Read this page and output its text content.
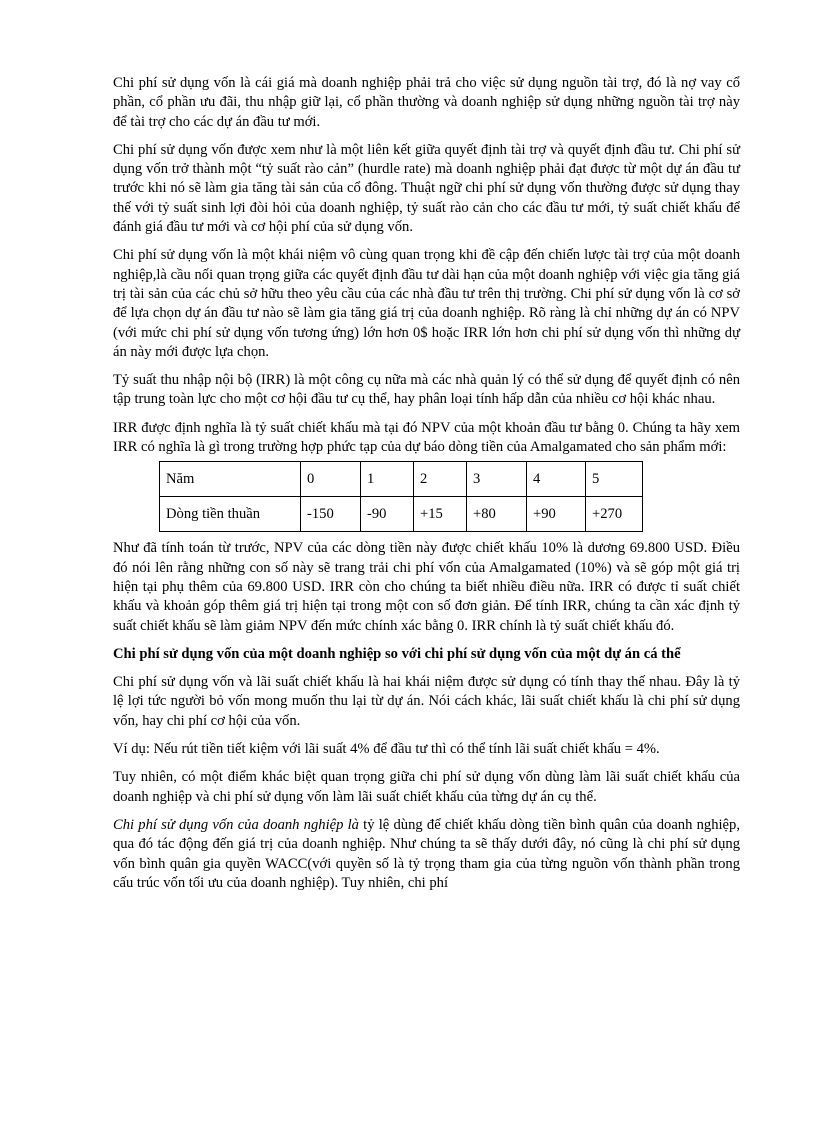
Chi phí sử dụng vốn là cái giá mà doanh nghiệp phải trả cho việc sử dụng nguồn tài trợ, đó là nợ vay cổ phần, cổ phần ưu đãi, thu nhập giữ lại, cổ phần thường và doanh nghiệp sử dụng những nguồn tài trợ này để tài trợ cho các dự án đầu tư mới.

Chi phí sử dụng vốn được xem như là một liên kết giữa quyết định tài trợ và quyết định đầu tư. Chi phí sử dụng vốn trở thành một “tỷ suất rào cản” (hurdle rate) mà doanh nghiệp phải đạt được từ một dự án đầu tư trước khi nó sẽ làm gia tăng tài sản của cổ đông. Thuật ngữ chi phí sử dụng vốn thường được sử dụng thay thế với tỷ suất sinh lợi đòi hỏi của doanh nghiệp, tỷ suất rào cản cho các đầu tư mới, tỷ suất chiết khấu để đánh giá đầu tư mới và cơ hội phí của sử dụng vốn.

Chi phí sử dụng vốn là một khái niệm vô cùng quan trọng khi đề cập đến chiến lược tài trợ của một doanh nghiệp,là cầu nối quan trọng giữa các quyết định đầu tư dài hạn của một doanh nghiệp với việc gia tăng giá trị tài sản của các chủ sở hữu theo yêu cầu của các nhà đầu tư trên thị trường. Chi phí sử dụng vốn là cơ sở để lựa chọn dự án đầu tư nào sẽ làm gia tăng giá trị của doanh nghiệp. Rõ ràng là chỉ những dự án có NPV (với mức chi phí sử dụng vốn tương ứng) lớn hơn 0$ hoặc IRR lớn hơn chi phí sử dụng vốn thì những dự án này mới được lựa chọn.

Tỷ suất thu nhập nội bộ (IRR) là một công cụ nữa mà các nhà quản lý có thể sử dụng để quyết định có nên tập trung toàn lực cho một cơ hội đầu tư cụ thể, hay phân loại tính hấp dẫn của nhiều cơ hội khác nhau.

IRR được định nghĩa là tỷ suất chiết khấu mà tại đó NPV của một khoản đầu tư bằng 0. Chúng ta hãy xem IRR có nghĩa là gì trong trường hợp phức tạp của dự báo dòng tiền của Amalgamated cho sản phẩm mới:

Năm	0	1	2	3	4	5
Dòng tiền thuần	-150	-90	+15	+80	+90	+270

Như đã tính toán từ trước, NPV của các dòng tiền này được chiết khấu 10% là dương 69.800 USD. Điều đó nói lên rằng những con số này sẽ trang trải chi phí vốn của Amalgamated (10%) và sẽ góp một giá trị hiện tại phụ thêm của 69.800 USD. IRR còn cho chúng ta biết nhiều điều nữa. IRR có được tỉ suất chiết khấu và khoản góp thêm giá trị hiện tại trong một con số đơn giản. Để tính IRR, chúng ta cần xác định tỷ suất chiết khấu sẽ làm giảm NPV đến mức chính xác bằng 0. IRR chính là tỷ suất chiết khấu đó.

Chi phí sử dụng vốn của một doanh nghiệp so với chi phí sử dụng vốn của một dự án cá thể

Chi phí sử dụng vốn và lãi suất chiết khấu là hai khái niệm được sử dụng có tính thay thế nhau. Đây là tỷ lệ lợi tức người bỏ vốn mong muốn thu lại từ dự án. Nói cách khác, lãi suất chiết khấu là chi phí sử dụng vốn, hay chi phí cơ hội của vốn.

Ví dụ: Nếu rút tiền tiết kiệm với lãi suất 4% để đầu tư thì có thể tính lãi suất chiết khấu = 4%.

Tuy nhiên, có một điểm khác biệt quan trọng giữa chi phí sử dụng vốn dùng làm lãi suất chiết khấu của doanh nghiệp và chi phí sử dụng vốn làm lãi suất chiết khấu của từng dự án cụ thể.

Chi phí sử dụng vốn của doanh nghiệp là tỷ lệ dùng để chiết khấu dòng tiền bình quân của doanh nghiệp, qua đó tác động đến giá trị của doanh nghiệp. Như chúng ta sẽ thấy dưới đây, nó cũng là chi phí sử dụng vốn bình quân gia quyền WACC(với quyền số là tỷ trọng tham gia của từng nguồn vốn thành phần trong cấu trúc vốn tối ưu của doanh nghiệp). Tuy nhiên, chi phí
